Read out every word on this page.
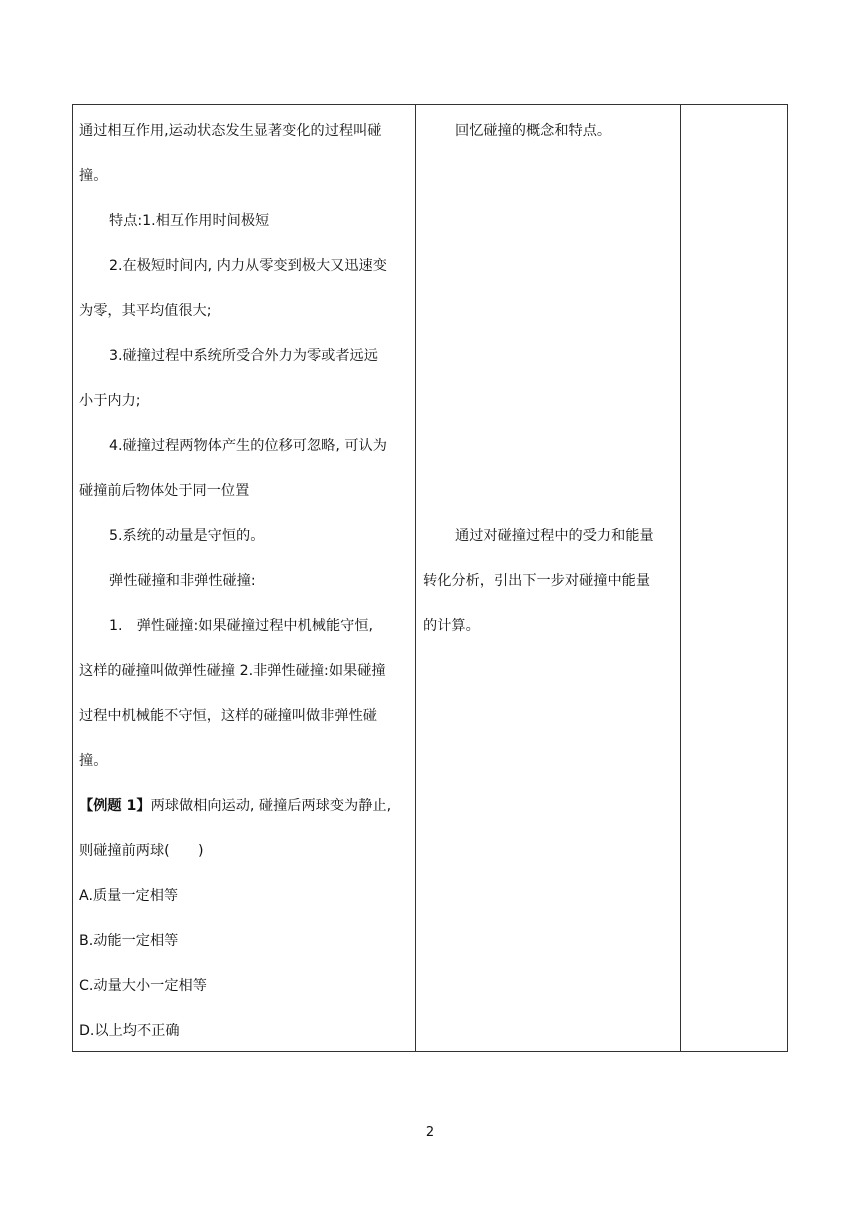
通过相互作用,运动状态发生显著变化的过程叫碰
撞。
特点:1.相互作用时间极短
2.在极短时间内, 内力从零变到极大又迅速变
为零，其平均值很大;
3.碰撞过程中系统所受合外力为零或者远远
小于内力;
4.碰撞过程两物体产生的位移可忽略, 可认为
碰撞前后物体处于同一位置
5.系统的动量是守恒的。
弹性碰撞和非弹性碰撞:
1.　弹性碰撞:如果碰撞过程中机械能守恒,
这样的碰撞叫做弹性碰撞 2.非弹性碰撞:如果碰撞
过程中机械能不守恒，这样的碰撞叫做非弹性碰
撞。
【例题 1】两球做相向运动, 碰撞后两球变为静止,
则碰撞前两球(　　)
A.质量一定相等
B.动能一定相等
C.动量大小一定相等
D.以上均不正确
回忆碰撞的概念和特点。
通过对碰撞过程中的受力和能量
转化分析，引出下一步对碰撞中能量
的计算。
2
